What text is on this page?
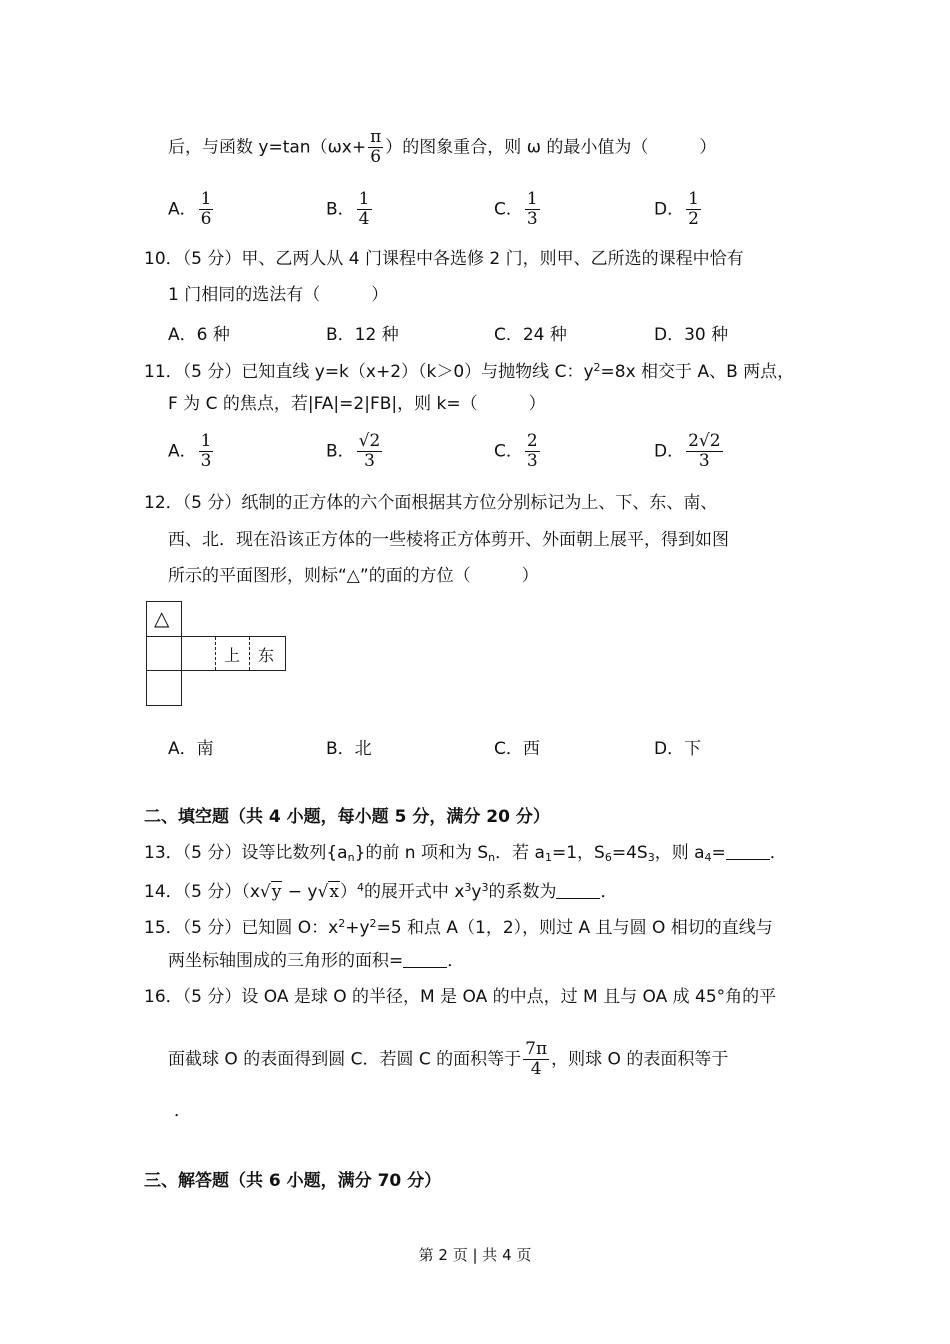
后，与函数 $y=\tan(\omega x+ \frac{\pi}{6}$ ）的图象重合，则 ω 的最小值为（　　　）
A． $\frac{1}{6}$	B． $\frac{1}{4}$	C． $\frac{1}{3}$	D． $\frac{1}{2}$
10．（5 分）甲、乙两人从 4 门课程中各选修 2 门，则甲、乙所选的课程中恰有
1 门相同的选法有（　　　）
A．6 种	B．12 种	C．24 种	D．30 种
11．（5 分）已知直线 y=k（x+2）（k＞0）与抛物线 C：$y^2=8x$ 相交于 A、B 两点，
F 为 C 的焦点，若|FA|=2|FB|，则 k=（　　　）
A． $\frac{1}{3}$	B． $\frac{√2}{3}$	C． $\frac{2}{3}$	D． $\frac{2√2}{3}$
12．（5 分）纸制的正方体的六个面根据其方位分别标记为上、下、东、南、
西、北．现在沿该正方体的一些棱将正方体剪开、外面朝上展平，得到如图
所示的平面图形，则标“△”的面的方位（　　　）
△
上 东
A．南	B．北	C．西	D．下
二、填空题（共 4 小题，每小题 5 分，满分 20 分）
13．（5 分）设等比数列$\{a_n\}$的前 n 项和为 $S_n$．若 $a_1=1$，$S_6=4S_3$，则 $a_4=$	．
14．（5 分）$(x√y - y√x)^4$的展开式中 $x^3y^3$的系数为	．
15．（5 分）已知圆 O：$x^2+y^2=5$ 和点 A（1，2），则过 A 且与圆 O 相切的直线与
两坐标轴围成的三角形的面积=	．
16．（5 分）设 OA 是球 O 的半径，M 是 OA 的中点，过 M 且与 OA 成 45°角的平
面截球 O 的表面得到圆 C．若圆 C 的面积等于 $\frac{7\pi}{4}$ ，则球 O 的表面积等于
．
三、解答题（共 6 小题，满分 70 分）
第 2 页 | 共 4 页
